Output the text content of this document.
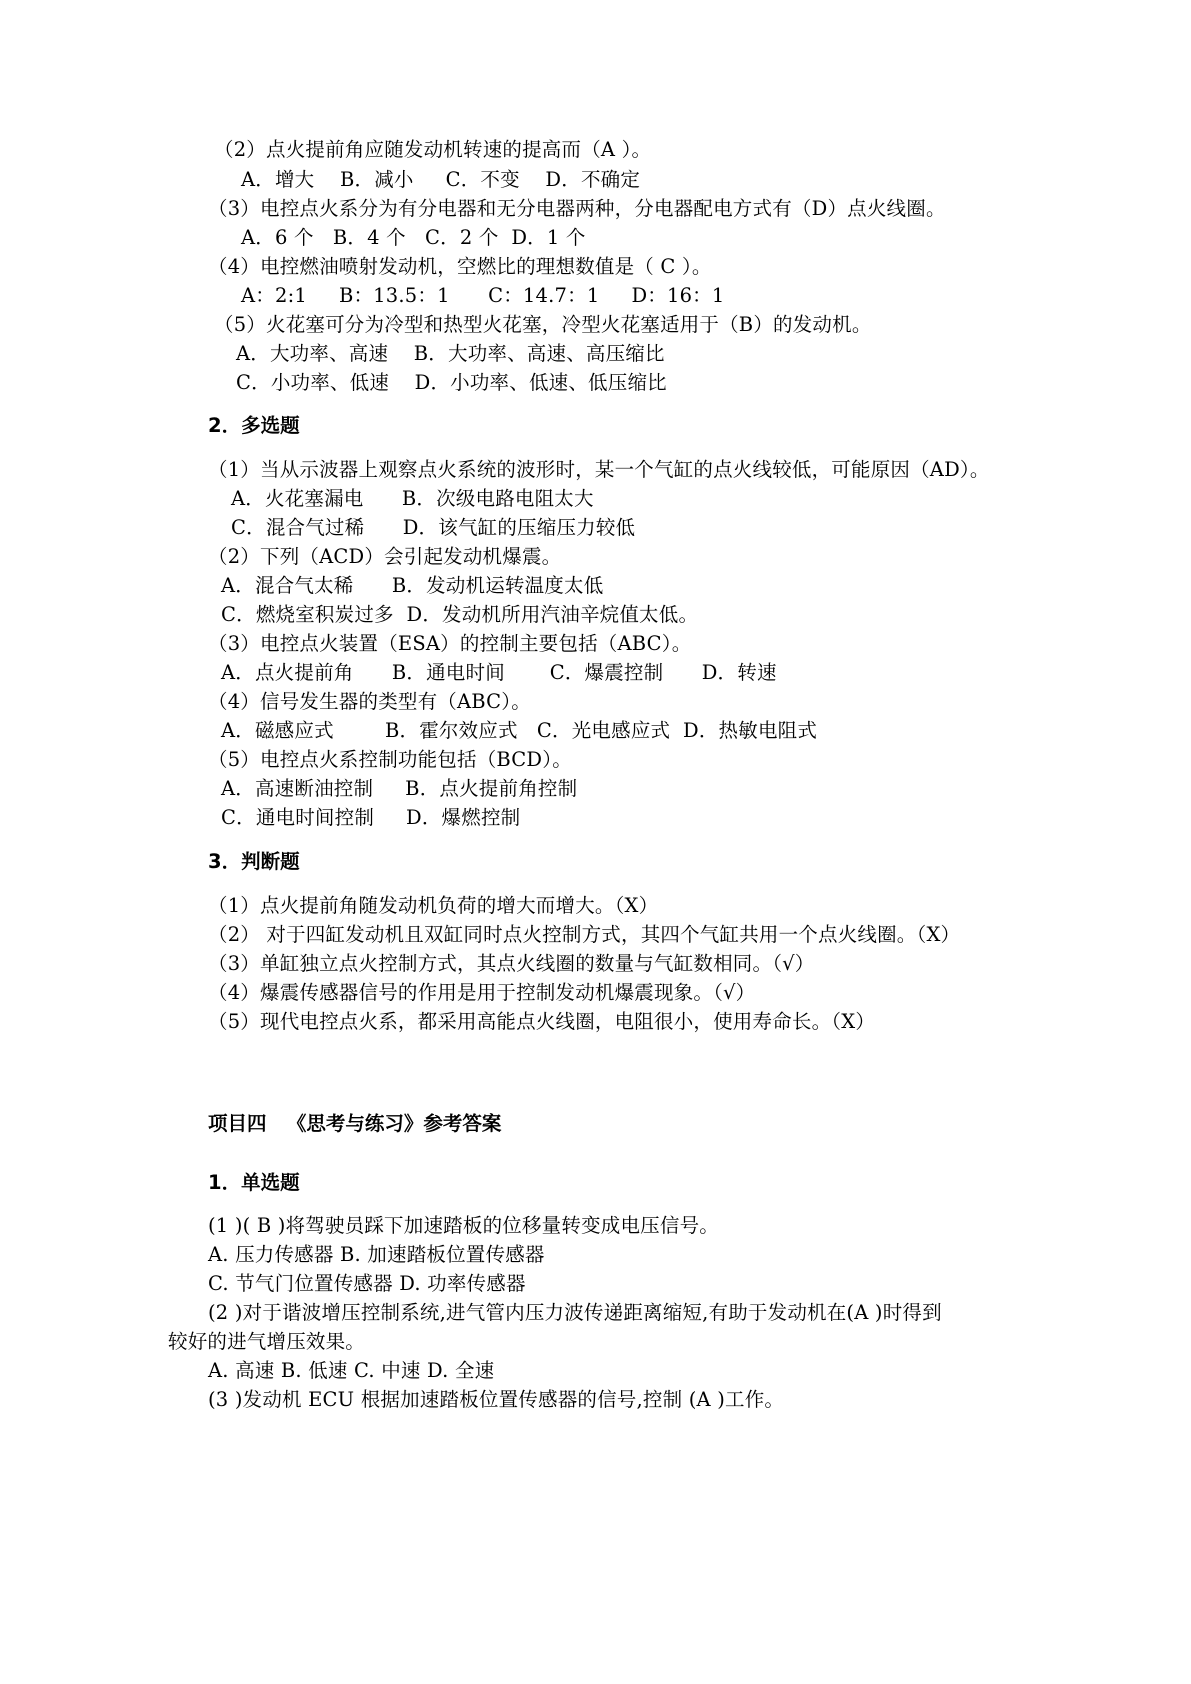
（2）点火提前角应随发动机转速的提高而（A ）。
A．增大    B．减小     C．不变    D．不确定
（3）电控点火系分为有分电器和无分电器两种，分电器配电方式有（D）点火线圈。
A．6 个   B．4 个   C．2 个  D．1 个
（4）电控燃油喷射发动机，空燃比的理想数值是（ C ）。
A：2:1     B：13.5：1      C：14.7：1     D：16：1
（5）火花塞可分为冷型和热型火花塞，冷型火花塞适用于（B）的发动机。
A．大功率、高速    B．大功率、高速、高压缩比
C．小功率、低速    D．小功率、低速、低压缩比
2．多选题
（1）当从示波器上观察点火系统的波形时，某一个气缸的点火线较低，可能原因（AD）。
A．火花塞漏电      B．次级电路电阻太大
C．混合气过稀      D．该气缸的压缩压力较低
（2）下列（ACD）会引起发动机爆震。
A．混合气太稀      B．发动机运转温度太低
C．燃烧室积炭过多  D．发动机所用汽油辛烷值太低。
（3）电控点火装置（ESA）的控制主要包括（ABC）。
A．点火提前角      B．通电时间       C．爆震控制      D．转速
（4）信号发生器的类型有（ABC）。
A．磁感应式        B．霍尔效应式   C．光电感应式  D．热敏电阻式
（5）电控点火系控制功能包括（BCD）。
A．高速断油控制     B．点火提前角控制
C．通电时间控制     D．爆燃控制
3．判断题
（1）点火提前角随发动机负荷的增大而增大。（X）
（2） 对于四缸发动机且双缸同时点火控制方式，其四个气缸共用一个点火线圈。（X）
（3）单缸独立点火控制方式，其点火线圈的数量与气缸数相同。（√）
（4）爆震传感器信号的作用是用于控制发动机爆震现象。（√）
（5）现代电控点火系，都采用高能点火线圈，电阻很小，使用寿命长。（X）
项目四   《思考与练习》参考答案
1．单选题
(1 )( B )将驾驶员踩下加速踏板的位移量转变成电压信号。
A. 压力传感器 B. 加速踏板位置传感器
C. 节气门位置传感器 D. 功率传感器
(2 )对于谐波增压控制系统,进气管内压力波传递距离缩短,有助于发动机在(A )时得到
较好的进气增压效果。
A. 高速 B. 低速 C. 中速 D. 全速
(3 )发动机 ECU 根据加速踏板位置传感器的信号,控制 (A )工作。
